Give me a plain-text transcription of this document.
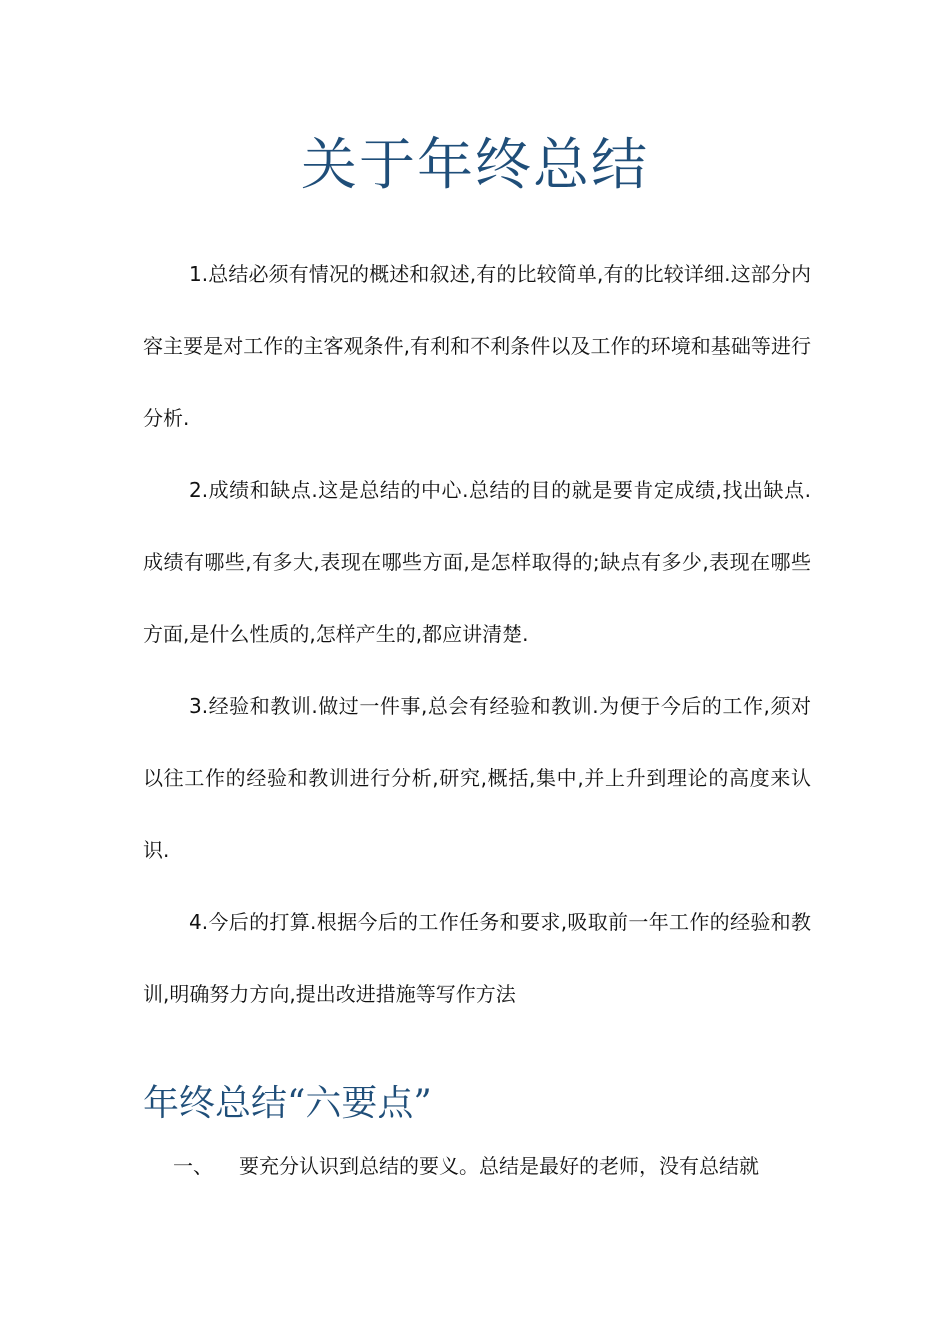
关于年终总结

1.总结必须有情况的概述和叙述,有的比较简单,有的比较详细.这部分内容主要是对工作的主客观条件,有利和不利条件以及工作的环境和基础等进行分析.

2.成绩和缺点.这是总结的中心.总结的目的就是要肯定成绩,找出缺点.成绩有哪些,有多大,表现在哪些方面,是怎样取得的;缺点有多少,表现在哪些方面,是什么性质的,怎样产生的,都应讲清楚.

3.经验和教训.做过一件事,总会有经验和教训.为便于今后的工作,须对以往工作的经验和教训进行分析,研究,概括,集中,并上升到理论的高度来认识.

4.今后的打算.根据今后的工作任务和要求,吸取前一年工作的经验和教训,明确努力方向,提出改进措施等写作方法

年终总结“六要点”

一、 要充分认识到总结的要义。总结是最好的老师，没有总结就
